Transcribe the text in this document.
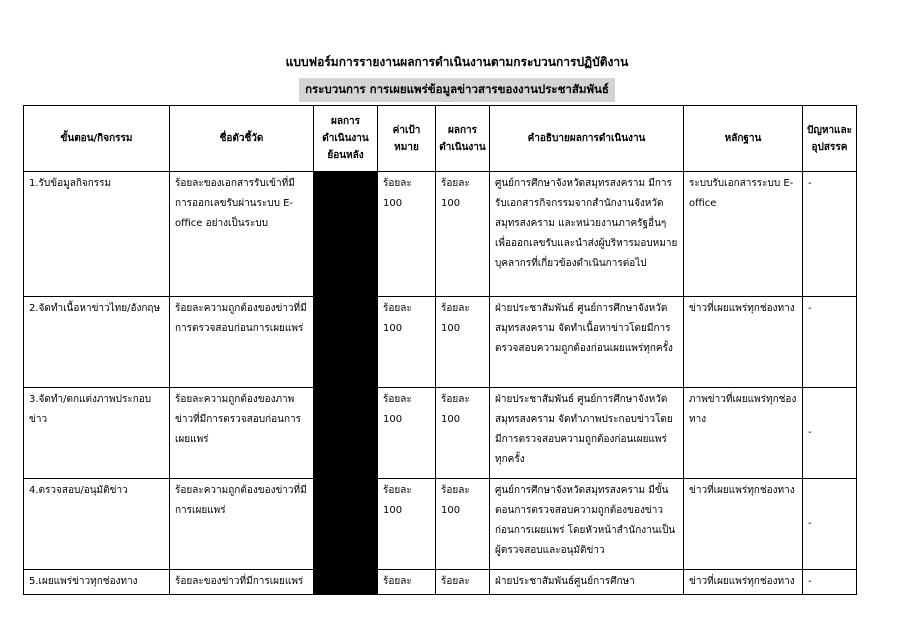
แบบฟอร์มการรายงานผลการดำเนินงานตามกระบวนการปฏิบัติงาน
กระบวนการ การเผยแพร่ข้อมูลข่าวสารของงานประชาสัมพันธ์
ขั้นตอน/กิจกรรม	ชื่อตัวชี้วัด	ผลการดำเนินงานย้อนหลัง	ค่าเป้าหมาย	ผลการดำเนินงาน	คำอธิบายผลการดำเนินงาน	หลักฐาน	ปัญหาและอุปสรรค
1.รับข้อมูลกิจกรรม	ร้อยละของเอกสารรับเข้าที่มีการออกเลขรับผ่านระบบ E-office อย่างเป็นระบบ		ร้อยละ 100	ร้อยละ 100	ศูนย์การศึกษาจังหวัดสมุทรสงคราม มีการรับเอกสารกิจกรรมจากสำนักงานจังหวัดสมุทรสงคราม และหน่วยงานภาครัฐอื่นๆ เพื่อออกเลขรับและนำส่งผู้บริหารมอบหมายบุคลากรที่เกี่ยวข้องดำเนินการต่อไป	ระบบรับเอกสารระบบ E-office	-
2.จัดทำเนื้อหาข่าวไทย/อังกฤษ	ร้อยละความถูกต้องของข่าวที่มีการตรวจสอบก่อนการเผยแพร่		ร้อยละ 100	ร้อยละ 100	ฝ่ายประชาสัมพันธ์ ศูนย์การศึกษาจังหวัดสมุทรสงคราม จัดทำเนื้อหาข่าวโดยมีการตรวจสอบความถูกต้องก่อนเผยแพร่ทุกครั้ง	ข่าวที่เผยแพร่ทุกช่องทาง	-
3.จัดทำ/ตกแต่งภาพประกอบข่าว	ร้อยละความถูกต้องของภาพข่าวที่มีการตรวจสอบก่อนการเผยแพร่		ร้อยละ 100	ร้อยละ 100	ฝ่ายประชาสัมพันธ์ ศูนย์การศึกษาจังหวัดสมุทรสงคราม จัดทำภาพประกอบข่าวโดยมีการตรวจสอบความถูกต้องก่อนเผยแพร่ทุกครั้ง	ภาพข่าวที่เผยแพร่ทุกช่องทาง	-
4.ตรวจสอบ/อนุมัติข่าว	ร้อยละความถูกต้องของข่าวที่มีการเผยแพร่		ร้อยละ 100	ร้อยละ 100	ศูนย์การศึกษาจังหวัดสมุทรสงคราม มีขั้นตอนการตรวจสอบความถูกต้องของข่าวก่อนการเผยแพร่ โดยหัวหน้าสำนักงานเป็นผู้ตรวจสอบและอนุมัติข่าว	ข่าวที่เผยแพร่ทุกช่องทาง	-
5.เผยแพร่ข่าวทุกช่องทาง	ร้อยละของข่าวที่มีการเผยแพร่		ร้อยละ	ร้อยละ	ฝ่ายประชาสัมพันธ์ศูนย์การศึกษา	ข่าวที่เผยแพร่ทุกช่องทาง	-
